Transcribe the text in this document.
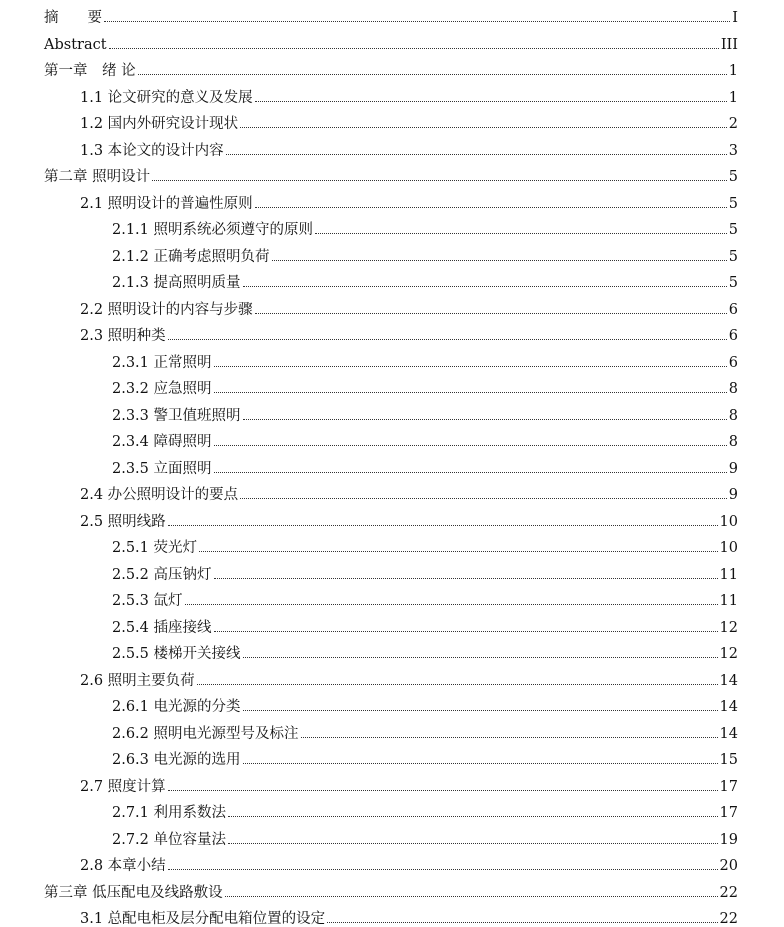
摘　　要	I
Abstract	III
第一章　绪 论	1
1.1 论文研究的意义及发展	1
1.2 国内外研究设计现状	2
1.3 本论文的设计内容	3
第二章 照明设计	5
2.1 照明设计的普遍性原则	5
2.1.1 照明系统必须遵守的原则	5
2.1.2 正确考虑照明负荷	5
2.1.3 提高照明质量	5
2.2 照明设计的内容与步骤	6
2.3 照明种类	6
2.3.1 正常照明	6
2.3.2 应急照明	8
2.3.3 警卫值班照明	8
2.3.4 障碍照明	8
2.3.5 立面照明	9
2.4 办公照明设计的要点	9
2.5 照明线路	10
2.5.1 荧光灯	10
2.5.2 高压钠灯	11
2.5.3 氙灯	11
2.5.4 插座接线	12
2.5.5 楼梯开关接线	12
2.6 照明主要负荷	14
2.6.1 电光源的分类	14
2.6.2 照明电光源型号及标注	14
2.6.3 电光源的选用	15
2.7 照度计算	17
2.7.1 利用系数法	17
2.7.2 单位容量法	19
2.8 本章小结	20
第三章 低压配电及线路敷设	22
3.1 总配电柜及层分配电箱位置的设定	22
